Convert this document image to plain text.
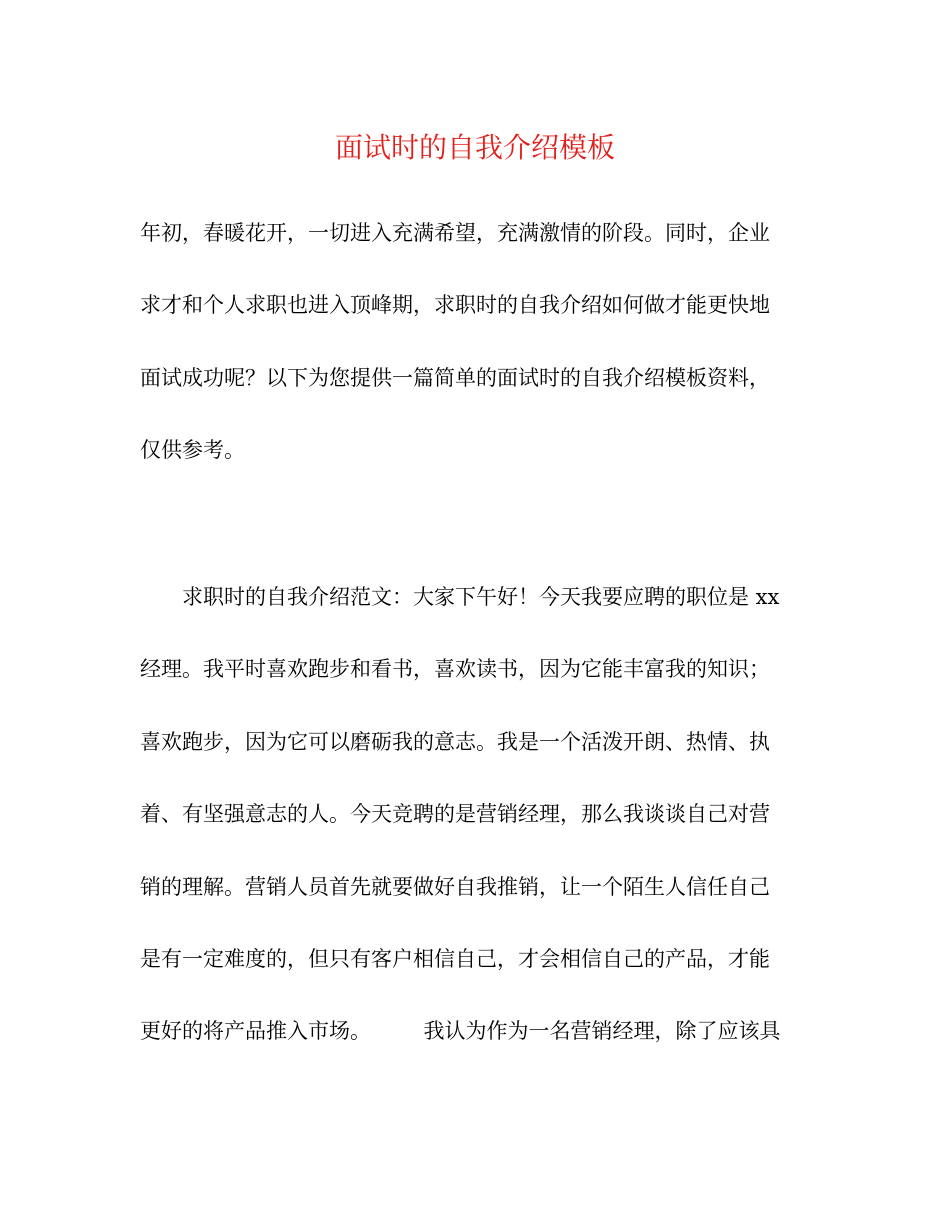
面试时的自我介绍模板
年初，春暖花开，一切进入充满希望，充满激情的阶段。同时，企业
求才和个人求职也进入顶峰期，求职时的自我介绍如何做才能更快地
面试成功呢？以下为您提供一篇简单的面试时的自我介绍模板资料，
仅供参考。
　　求职时的自我介绍范文：大家下午好！今天我要应聘的职位是 xx
经理。我平时喜欢跑步和看书，喜欢读书，因为它能丰富我的知识；
喜欢跑步，因为它可以磨砺我的意志。我是一个活泼开朗、热情、执
着、有坚强意志的人。今天竞聘的是营销经理，那么我谈谈自己对营
销的理解。营销人员首先就要做好自我推销，让一个陌生人信任自己
是有一定难度的，但只有客户相信自己，才会相信自己的产品，才能
更好的将产品推入市场。　　　我认为作为一名营销经理，除了应该具
